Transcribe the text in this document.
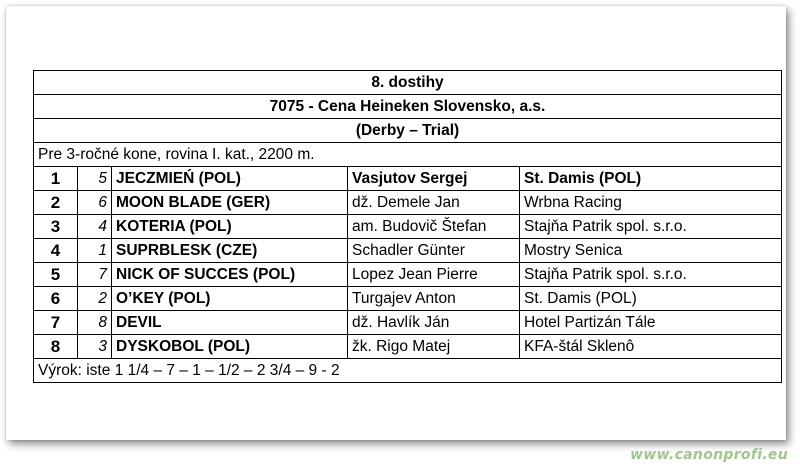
8. dostihy				
7075 - Cena Heineken Slovensko, a.s.				
(Derby – Trial)				
Pre 3-ročné kone, rovina I. kat., 2200 m.				
1	5	JECZMIEŃ (POL)	Vasjutov Sergej	St. Damis (POL)
2	6	MOON BLADE (GER)	dž. Demele Jan	Wrbna Racing
3	4	KOTERIA (POL)	am. Budovič Štefan	Stajňa Patrik spol. s.r.o.
4	1	SUPRBLESK (CZE)	Schadler Günter	Mostry Senica
5	7	NICK OF SUCCES (POL)	Lopez Jean Pierre	Stajňa Patrik spol. s.r.o.
6	2	O’KEY (POL)	Turgajev Anton	St. Damis (POL)
7	8	DEVIL	dž. Havlík Ján	Hotel Partizán Tále
8	3	DYSKOBOL (POL)	žk. Rigo Matej	KFA-štál Sklenô
Výrok: iste 1 1/4 – 7 – 1 – 1/2 – 2 3/4 – 9 - 2				
www.canonprofi.eu
